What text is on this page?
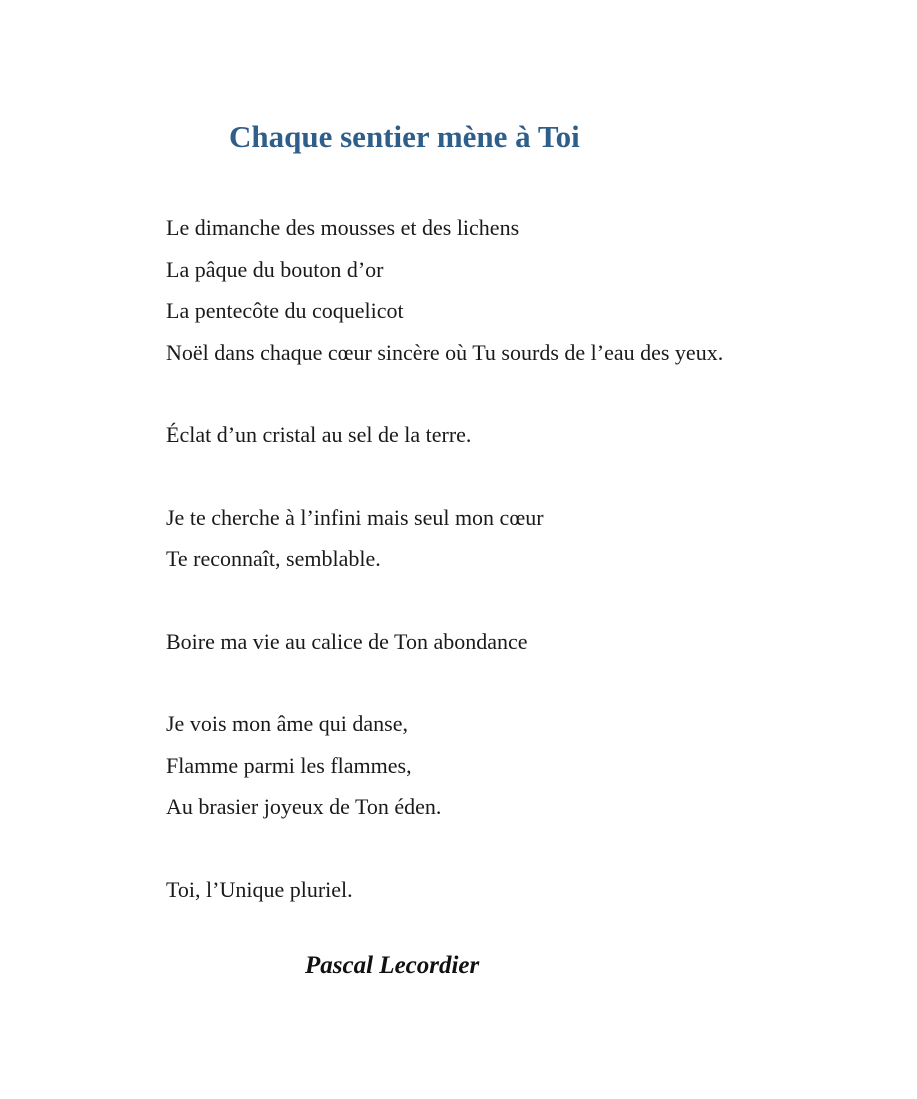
Chaque sentier mène à Toi
Le dimanche des mousses et des lichens
La pâque du bouton d’or
La pentecôte du coquelicot
Noël dans chaque cœur sincère où Tu sourds de l’eau des yeux.
Éclat d’un cristal au sel de la terre.
Je te cherche à l’infini mais seul mon cœur
Te reconnaît, semblable.
Boire ma vie au calice de Ton abondance
Je vois mon âme qui danse,
Flamme parmi les flammes,
Au brasier joyeux de Ton éden.
Toi, l’Unique pluriel.

Pascal Lecordier
